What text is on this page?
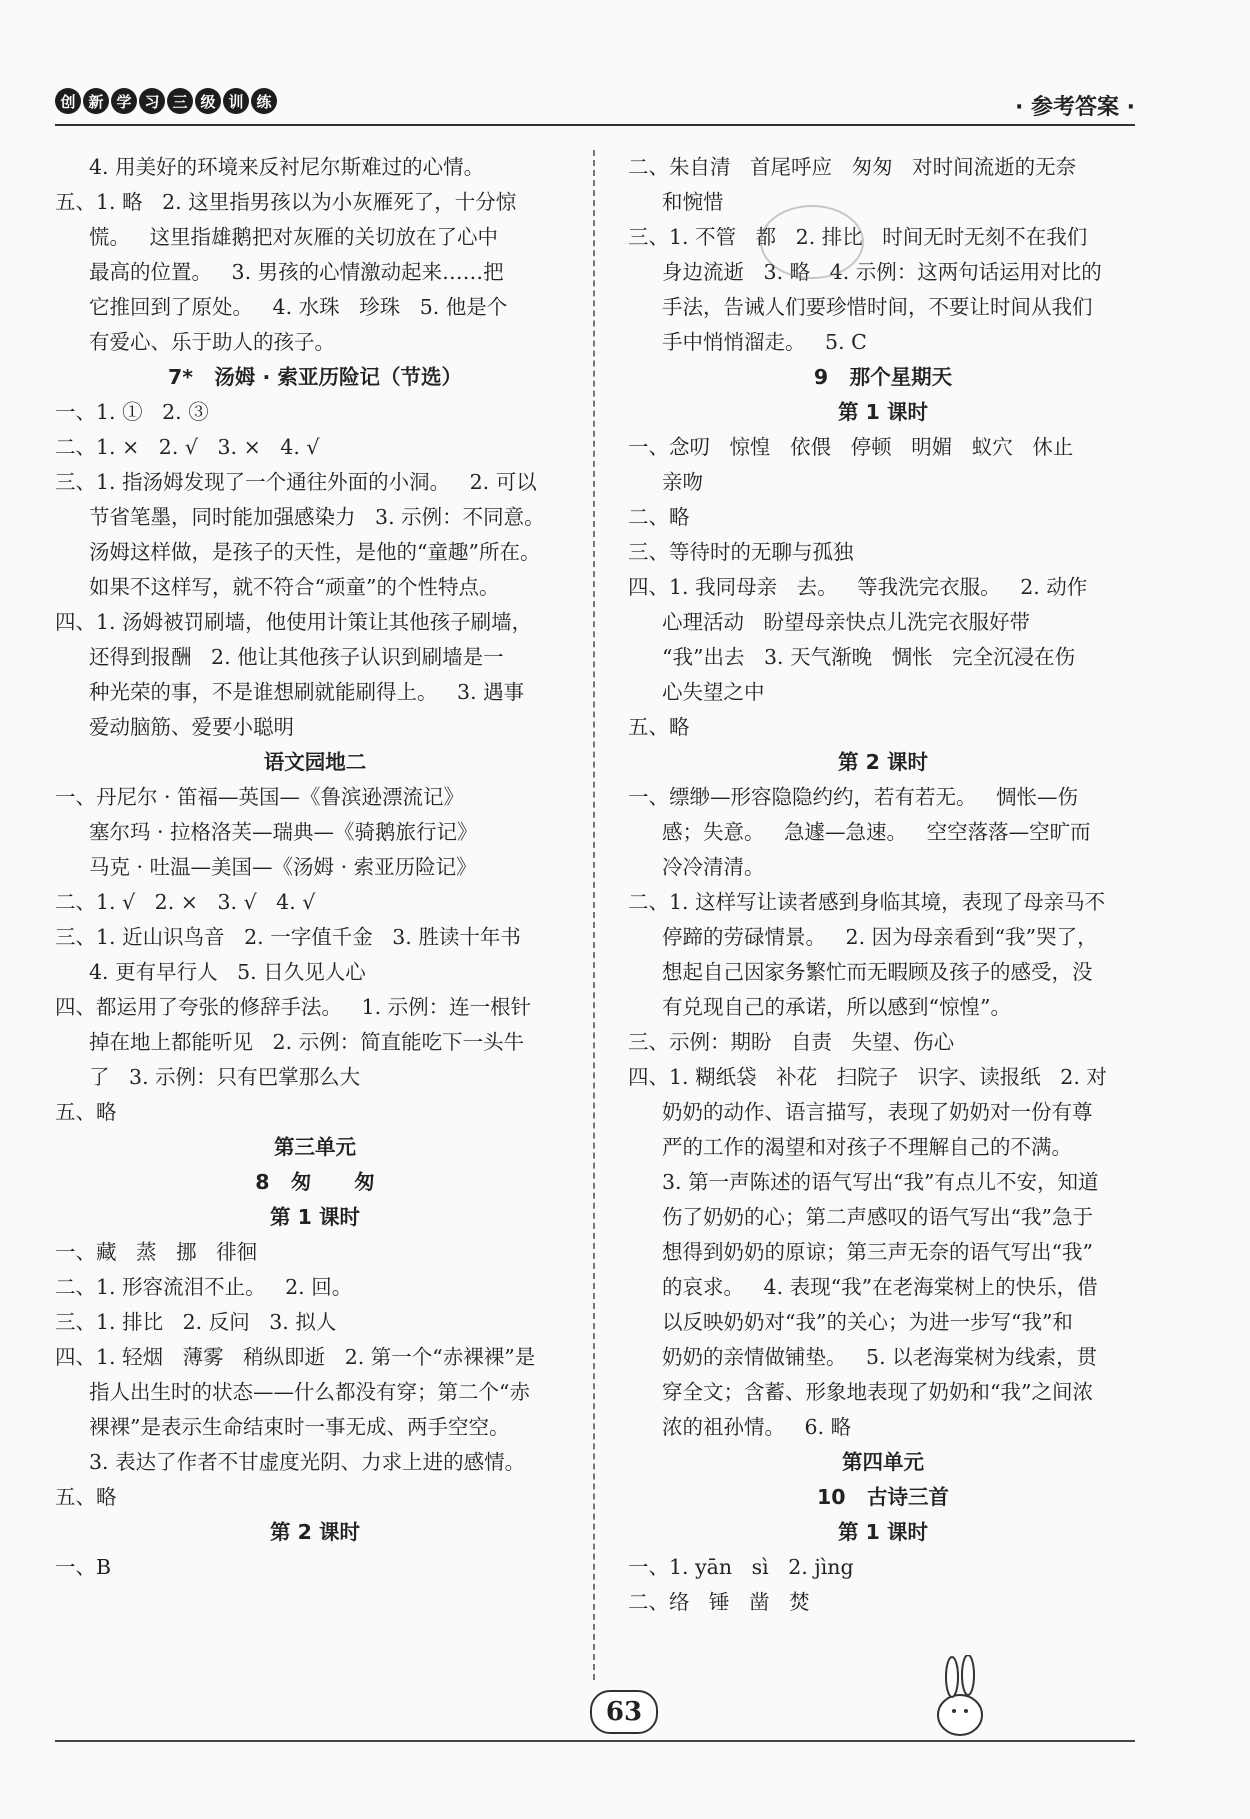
创 新 学 习 三 级 训 练	· 参考答案 ·

4. 用美好的环境来反衬尼尔斯难过的心情。

五、1. 略   2. 这里指男孩以为小灰雁死了，十分惊

慌。   这里指雄鹅把对灰雁的关切放在了心中

最高的位置。   3. 男孩的心情激动起来……把

它推回到了原处。   4. 水珠   珍珠   5. 他是个

有爱心、乐于助人的孩子。

7*   汤姆 · 索亚历险记（节选）

一、1. ①   2. ③

二、1. ×   2. √   3. ×   4. √

三、1. 指汤姆发现了一个通往外面的小洞。   2. 可以

节省笔墨，同时能加强感染力   3. 示例：不同意。

汤姆这样做，是孩子的天性，是他的“童趣”所在。

如果不这样写，就不符合“顽童”的个性特点。

四、1. 汤姆被罚刷墙，他使用计策让其他孩子刷墙，

还得到报酬   2. 他让其他孩子认识到刷墙是一

种光荣的事，不是谁想刷就能刷得上。   3. 遇事

爱动脑筋、爱要小聪明

语文园地二

一、丹尼尔 · 笛福—英国—《鲁滨逊漂流记》

塞尔玛 · 拉格洛芙—瑞典—《骑鹅旅行记》

马克 · 吐温—美国—《汤姆 · 索亚历险记》

二、1. √   2. ×   3. √   4. √

三、1. 近山识鸟音   2. 一字值千金   3. 胜读十年书

4. 更有早行人   5. 日久见人心

四、都运用了夸张的修辞手法。   1. 示例：连一根针

掉在地上都能听见   2. 示例：简直能吃下一头牛

了   3. 示例：只有巴掌那么大

五、略

第三单元

8   匆      匆

第 1 课时

一、藏   蒸   挪   徘徊

二、1. 形容流泪不止。   2. 回。

三、1. 排比   2. 反问   3. 拟人

四、1. 轻烟   薄雾   稍纵即逝   2. 第一个“赤裸裸”是

指人出生时的状态——什么都没有穿；第二个“赤

裸裸”是表示生命结束时一事无成、两手空空。

3. 表达了作者不甘虚度光阴、力求上进的感情。

五、略

第 2 课时

一、B

二、朱自清   首尾呼应   匆匆   对时间流逝的无奈

和惋惜

三、1. 不管   都   2. 排比   时间无时无刻不在我们

身边流逝   3. 略   4. 示例：这两句话运用对比的

手法，告诫人们要珍惜时间，不要让时间从我们

手中悄悄溜走。   5. C

9   那个星期天

第 1 课时

一、念叨   惊惶   依偎   停顿   明媚   蚁穴   休止

亲吻

二、略

三、等待时的无聊与孤独

四、1. 我同母亲   去。   等我洗完衣服。   2. 动作

心理活动   盼望母亲快点儿洗完衣服好带

“我”出去   3. 天气渐晚   惆怅   完全沉浸在伤

心失望之中

五、略

第 2 课时

一、缥缈—形容隐隐约约，若有若无。   惆怅—伤

感；失意。   急遽—急速。   空空落落—空旷而

冷冷清清。

二、1. 这样写让读者感到身临其境，表现了母亲马不

停蹄的劳碌情景。   2. 因为母亲看到“我”哭了，

想起自己因家务繁忙而无暇顾及孩子的感受，没

有兑现自己的承诺，所以感到“惊惶”。

三、示例：期盼   自责   失望、伤心

四、1. 糊纸袋   补花   扫院子   识字、读报纸   2. 对

奶奶的动作、语言描写，表现了奶奶对一份有尊

严的工作的渴望和对孩子不理解自己的不满。

3. 第一声陈述的语气写出“我”有点儿不安，知道

伤了奶奶的心；第二声感叹的语气写出“我”急于

想得到奶奶的原谅；第三声无奈的语气写出“我”

的哀求。   4. 表现“我”在老海棠树上的快乐，借

以反映奶奶对“我”的关心；为进一步写“我”和

奶奶的亲情做铺垫。   5. 以老海棠树为线索，贯

穿全文；含蓄、形象地表现了奶奶和“我”之间浓

浓的祖孙情。   6. 略

第四单元

10   古诗三首

第 1 课时

一、1. yān   sì   2. jìng

二、络   锤   凿   焚

63
